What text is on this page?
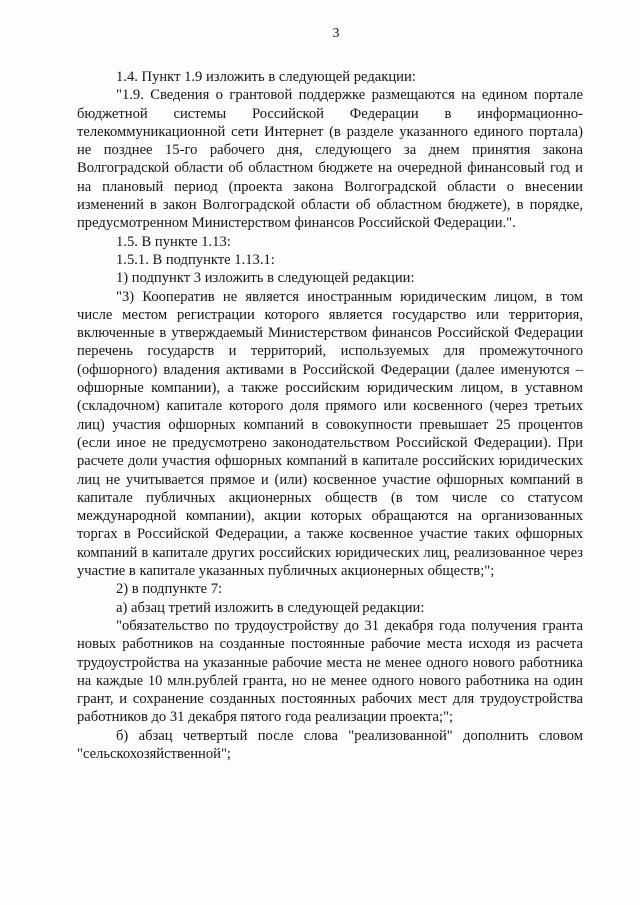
3

1.4. Пункт 1.9 изложить в следующей редакции:

"1.9. Сведения о грантовой поддержке размещаются на едином портале бюджетной системы Российской Федерации в информационно-телекоммуникационной сети Интернет (в разделе указанного единого портала) не позднее 15-го рабочего дня, следующего за днем принятия закона Волгоградской области об областном бюджете на очередной финансовый год и на плановый период (проекта закона Волгоградской области о внесении изменений в закон Волгоградской области об областном бюджете), в порядке, предусмотренном Министерством финансов Российской Федерации.".

1.5. В пункте 1.13:

1.5.1. В подпункте 1.13.1:

1) подпункт 3 изложить в следующей редакции:

"3) Кооператив не является иностранным юридическим лицом, в том числе местом регистрации которого является государство или территория, включенные в утверждаемый Министерством финансов Российской Федерации перечень государств и территорий, используемых для промежуточного (офшорного) владения активами в Российской Федерации (далее именуются – офшорные компании), а также российским юридическим лицом, в уставном (складочном) капитале которого доля прямого или косвенного (через третьих лиц) участия офшорных компаний в совокупности превышает 25 процентов (если иное не предусмотрено законодательством Российской Федерации). При расчете доли участия офшорных компаний в капитале российских юридических лиц не учитывается прямое и (или) косвенное участие офшорных компаний в капитале публичных акционерных обществ (в том числе со статусом международной компании), акции которых обращаются на организованных торгах в Российской Федерации, а также косвенное участие таких офшорных компаний в капитале других российских юридических лиц, реализованное через участие в капитале указанных публичных акционерных обществ;";

2) в подпункте 7:

а) абзац третий изложить в следующей редакции:

"обязательство по трудоустройству до 31 декабря года получения гранта новых работников на созданные постоянные рабочие места исходя из расчета трудоустройства на указанные рабочие места не менее одного нового работника на каждые 10 млн.рублей гранта, но не менее одного нового работника на один грант, и сохранение созданных постоянных рабочих мест для трудоустройства работников до 31 декабря пятого года реализации проекта;";

б) абзац четвертый после слова "реализованной" дополнить словом "сельскохозяйственной";
